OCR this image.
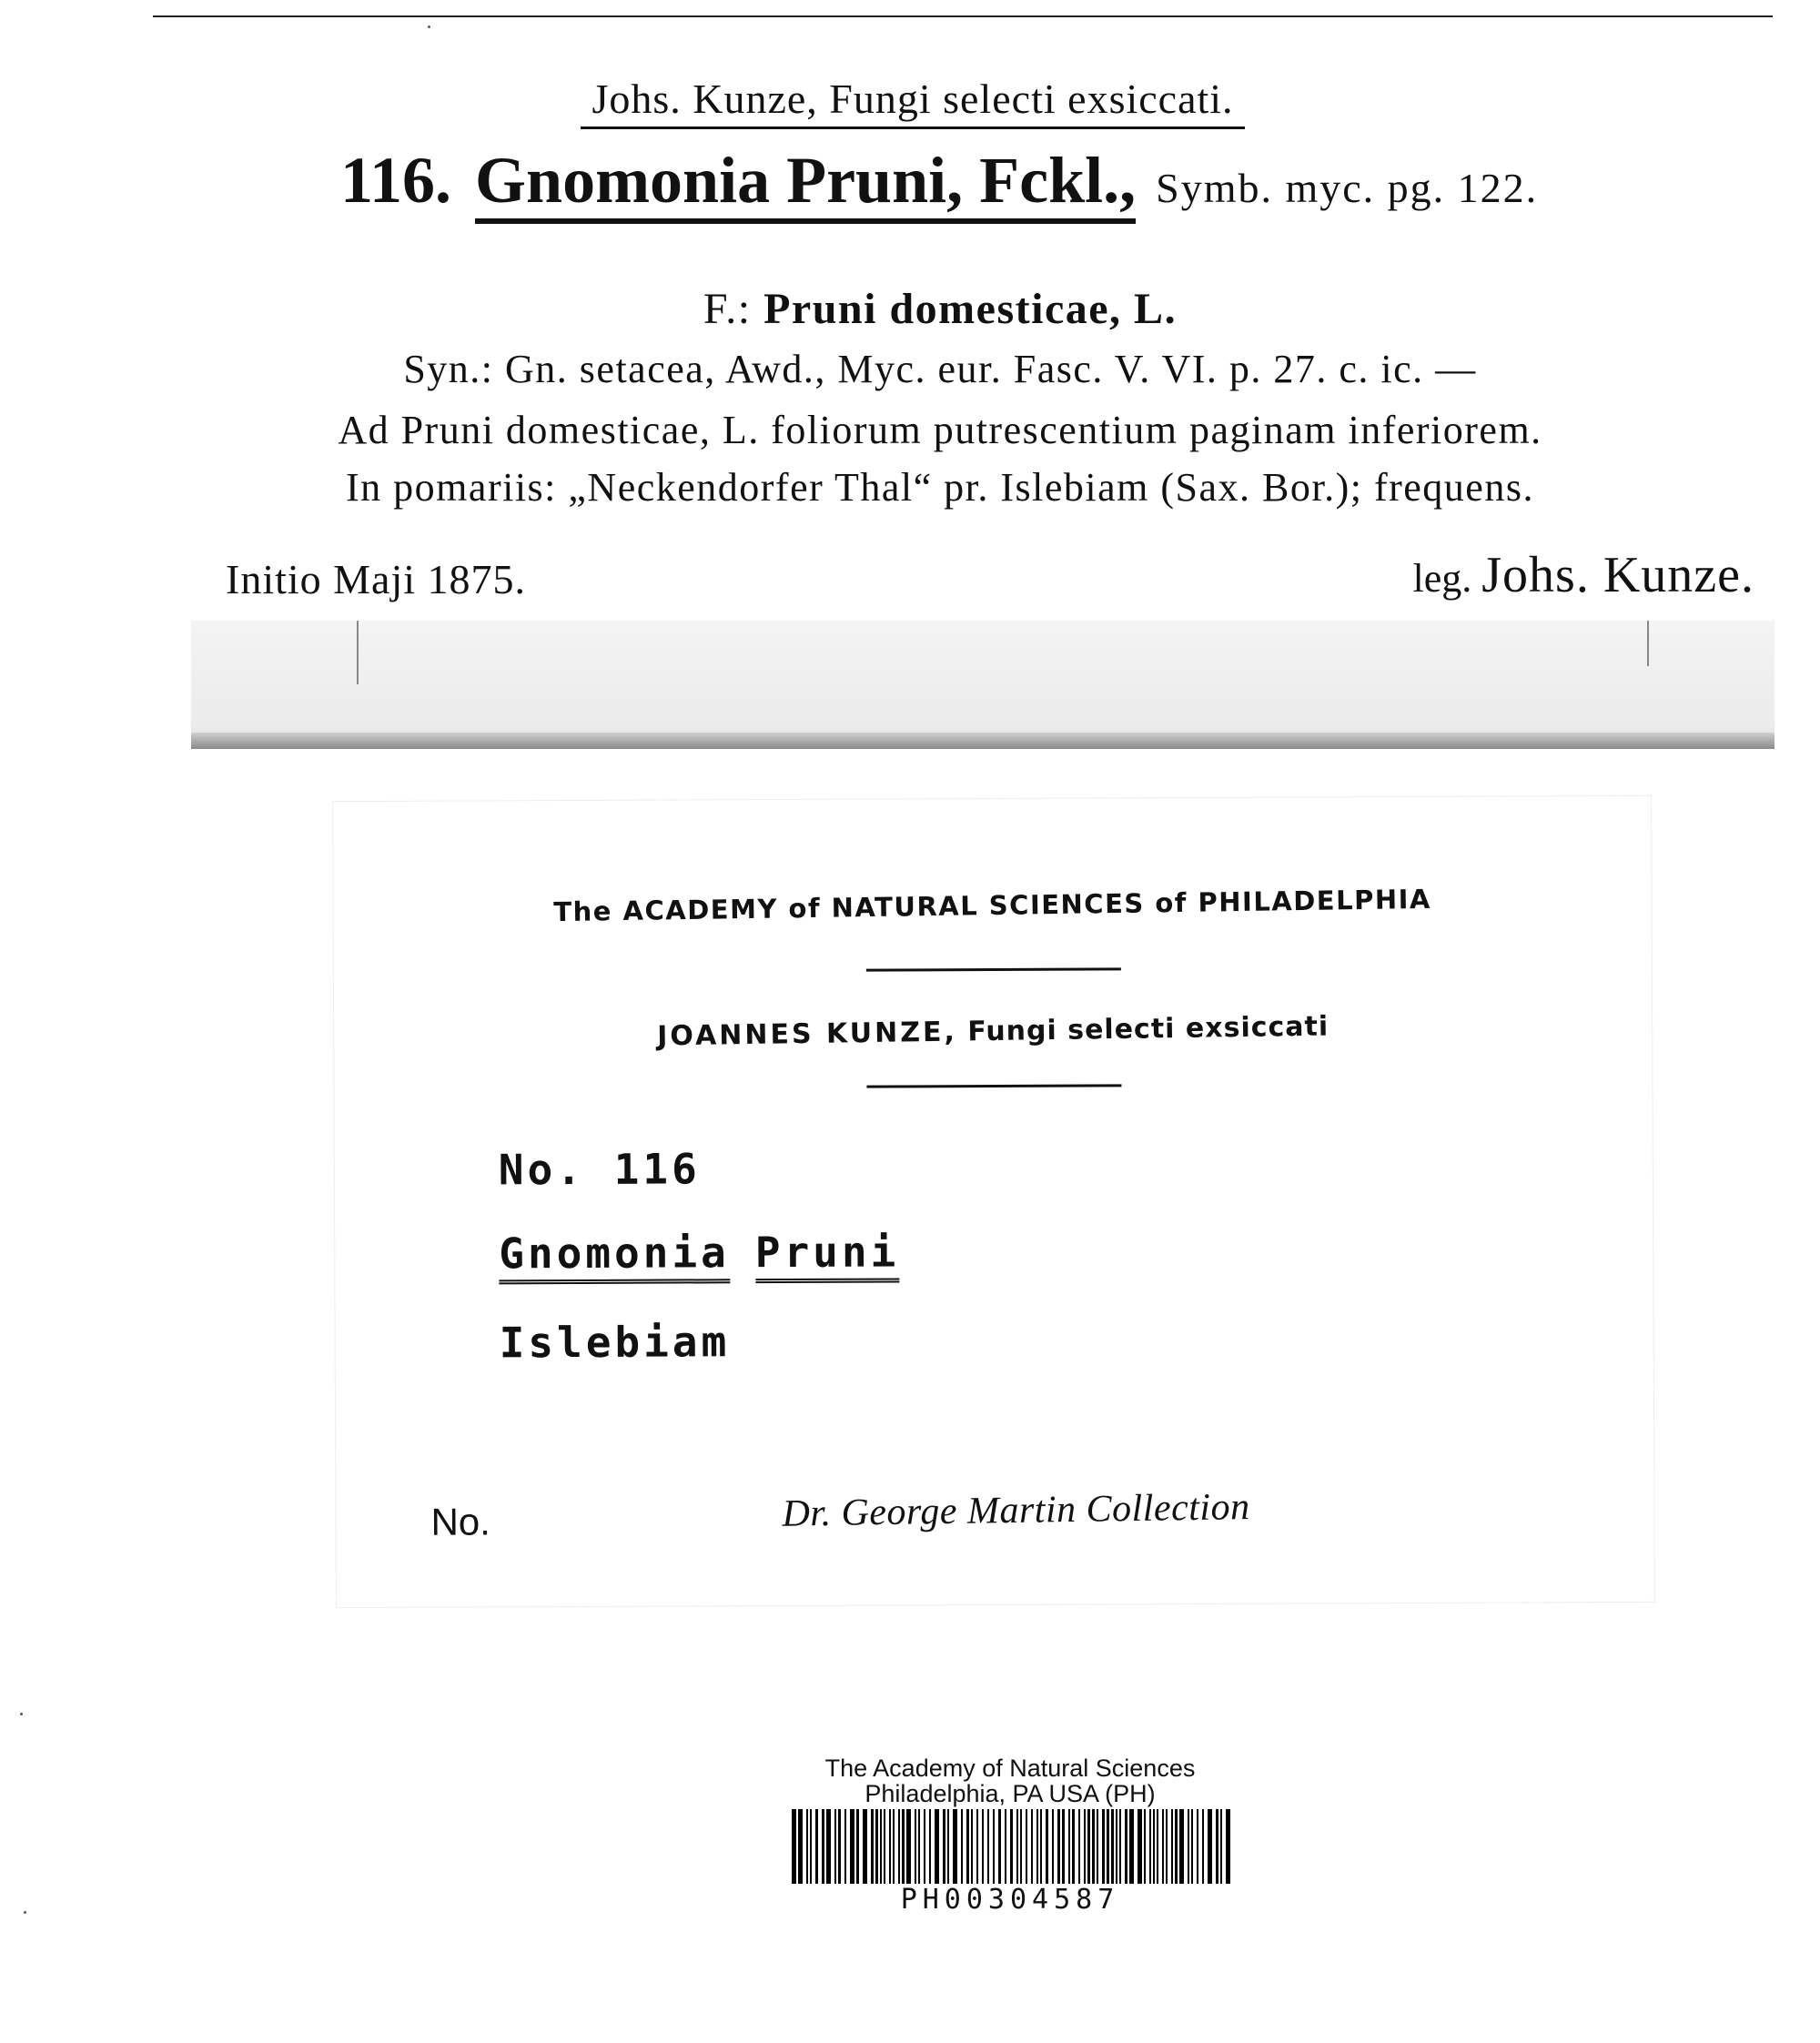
Johs. Kunze, Fungi selecti exsiccati.
116. Gnomonia Pruni, Fckl., Symb. myc. pg. 122.
F.: Pruni domesticae, L.
Syn.: Gn. setacea, Awd., Myc. eur. Fasc. V. VI. p. 27. c. ic. —
Ad Pruni domesticae, L. foliorum putrescentium paginam inferiorem.
In pomariis: „Neckendorfer Thal“ pr. Islebiam (Sax. Bor.); frequens.
Initio Maji 1875.	leg. Johs. Kunze.
The ACADEMY of NATURAL SCIENCES of PHILADELPHIA
JOANNES KUNZE, Fungi selecti exsiccati
No. 116
Gnomonia Pruni
Islebiam
No.	Dr. George Martin Collection
The Academy of Natural Sciences
Philadelphia, PA USA (PH)
PH00304587
